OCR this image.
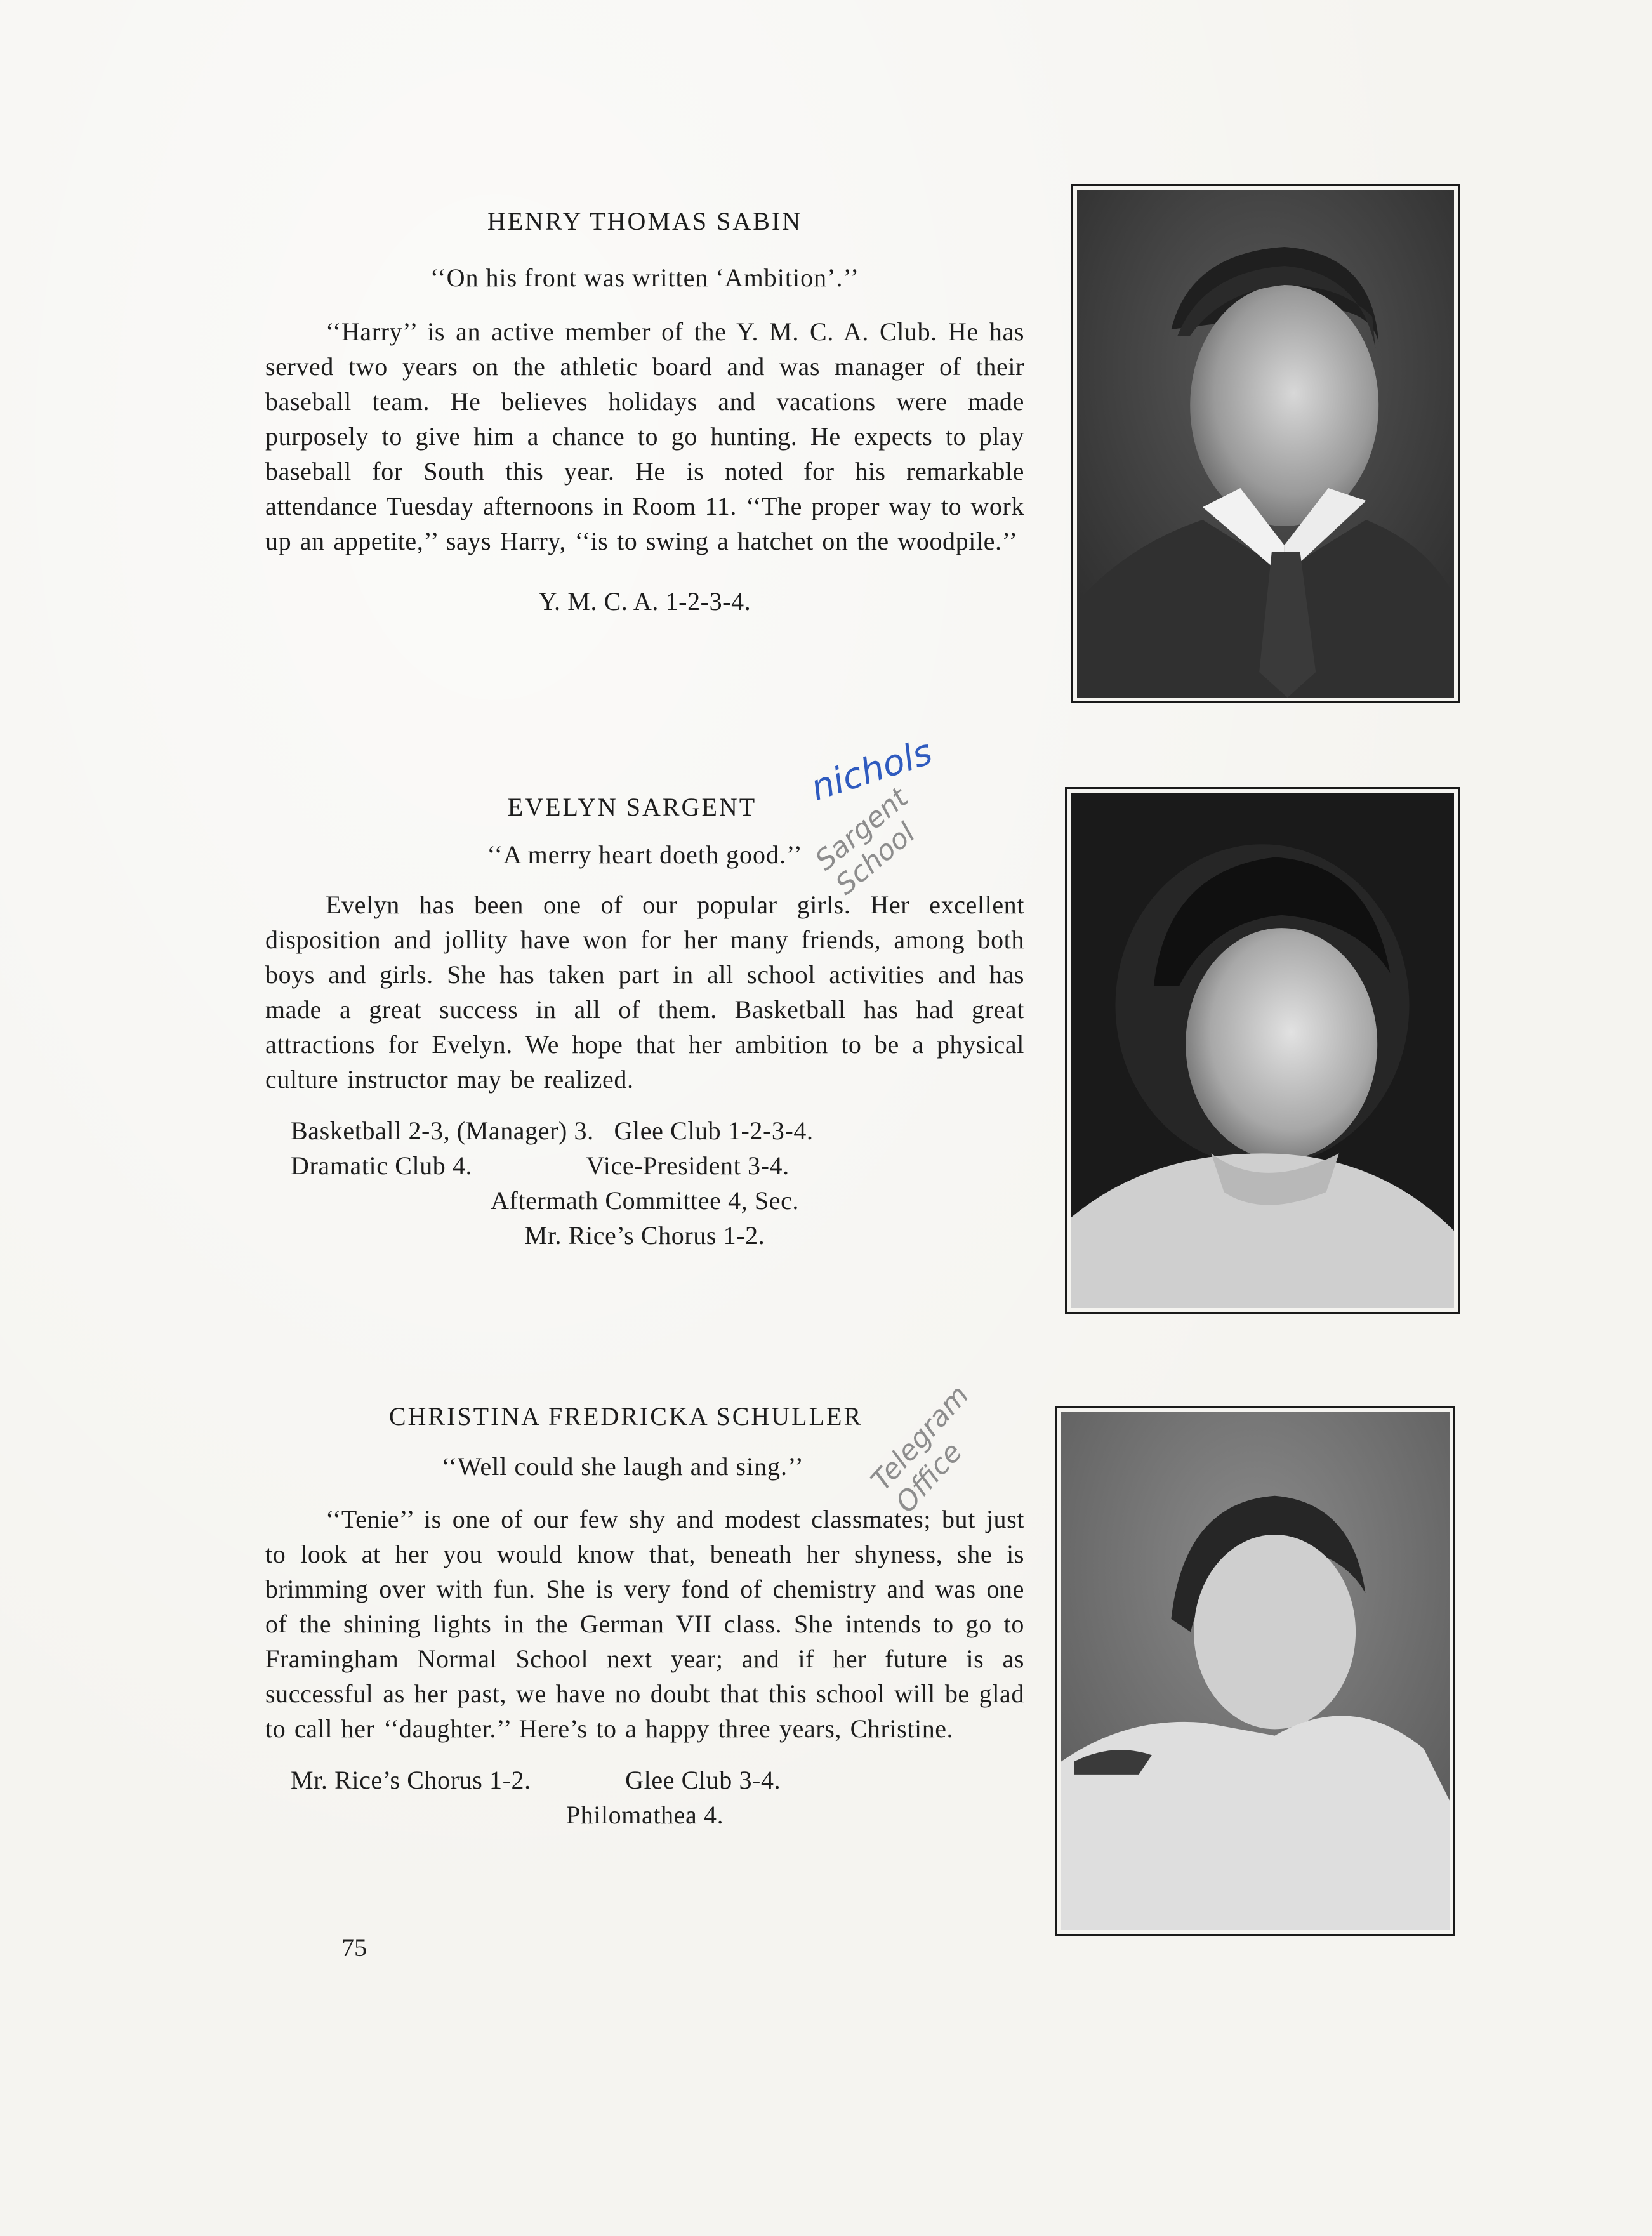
HENRY THOMAS SABIN

‘‘On his front was written ‘Ambition’.’’

‘‘Harry’’ is an active member of the Y. M. C. A. Club. He has served two years on the athletic board and was manager of their baseball team. He believes holidays and vacations were made purposely to give him a chance to go hunting. He expects to play baseball for South this year. He is noted for his remarkable attendance Tuesday afternoons in Room 11. ‘‘The proper way to work up an appetite,’’ says Harry, ‘‘is to swing a hatchet on the woodpile.’’

Y. M. C. A. 1-2-3-4.

EVELYN SARGENT

‘‘A merry heart doeth good.’’

Evelyn has been one of our popular girls. Her excellent disposition and jollity have won for her many friends, among both boys and girls. She has taken part in all school activities and has made a great success in all of them. Basketball has had great attractions for Evelyn. We hope that her ambition to be a physical culture instructor may be realized.

Basketball 2-3, (Manager) 3.   Glee Club 1-2-3-4.

Dramatic Club 4.                 Vice-President 3-4.

Aftermath Committee 4, Sec.

Mr. Rice’s Chorus 1-2.

nichols
Sargent School
CHRISTINA FREDRICKA SCHULLER

‘‘Well could she laugh and sing.’’

‘‘Tenie’’ is one of our few shy and modest classmates; but just to look at her you would know that, beneath her shyness, she is brimming over with fun. She is very fond of chemistry and was one of the shining lights in the German VII class. She intends to go to Framingham Normal School next year; and if her future is as successful as her past, we have no doubt that this school will be glad to call her ‘‘daughter.’’ Here’s to a happy three years, Christine.

Mr. Rice’s Chorus 1-2.              Glee Club 3-4.

Philomathea 4.

Telegram Office
75
